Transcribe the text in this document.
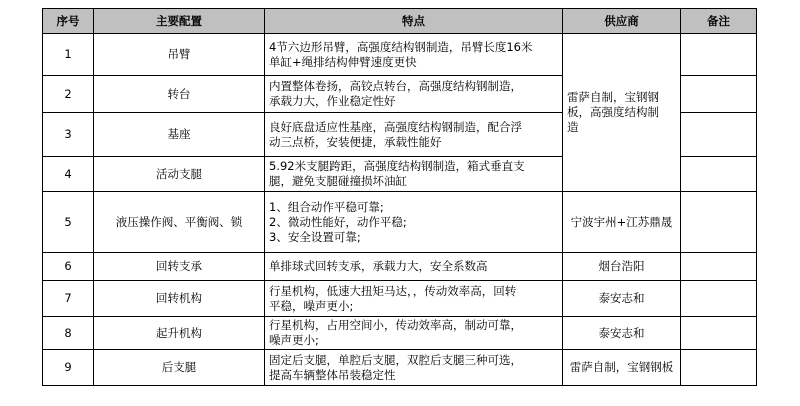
序号	主要配置	特点	供应商	备注
1	吊臂	4节六边形吊臂，高强度结构钢制造，吊臂长度16米
单缸+绳排结构伸臂速度更快	雷萨自制，宝钢钢
板，高强度结构制
造	
2	转台	内置整体卷扬，高铰点转台，高强度结构钢制造，
承载力大，作业稳定性好		
3	基座	良好底盘适应性基座，高强度结构钢制造，配合浮
动三点桥，安装便捷，承载性能好		
4	活动支腿	5.92米支腿跨距，高强度结构钢制造，箱式垂直支
腿，避免支腿碰撞损坏油缸		
5	液压操作阀、平衡阀、锁	1、组合动作平稳可靠;
2、微动性能好，动作平稳;
3、安全设置可靠;	宁波宇州+江苏鼎晟	
6	回转支承	单排球式回转支承，承载力大，安全系数高	烟台浩阳	
7	回转机构	行星机构，低速大扭矩马达，，传动效率高，回转
平稳，噪声更小;	泰安志和	
8	起升机构	行星机构，占用空间小，传动效率高，制动可靠，
噪声更小;	泰安志和	
9	后支腿	固定后支腿，单腔后支腿，双腔后支腿三种可选，
提高车辆整体吊装稳定性	雷萨自制，宝钢钢板	
